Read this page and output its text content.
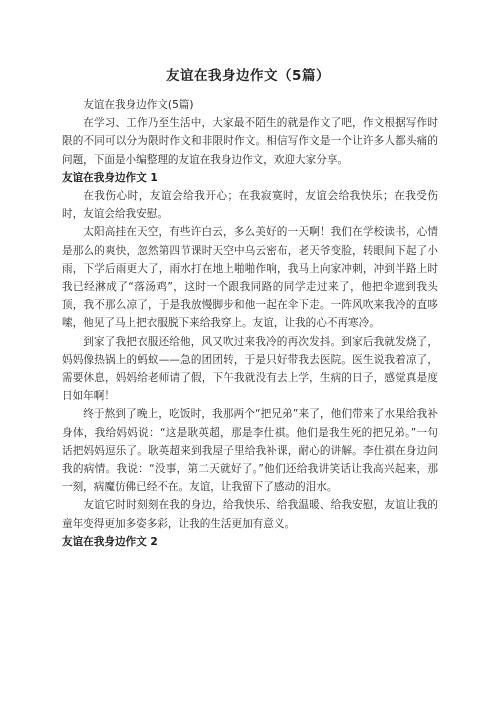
友谊在我身边作文（5篇）

友谊在我身边作文(5篇)

在学习、工作乃至生活中，大家最不陌生的就是作文了吧，作文根据写作时限的不同可以分为限时作文和非限时作文。相信写作文是一个让许多人都头痛的问题，下面是小编整理的友谊在我身边作文，欢迎大家分享。

友谊在我身边作文 1

在我伤心时，友谊会给我开心；在我寂寞时，友谊会给我快乐；在我受伤时，友谊会给我安慰。

太阳高挂在天空，有些许白云，多么美好的一天啊！我们在学校读书，心情是那么的爽快，忽然第四节课时天空中乌云密布，老天爷变脸，转眼间下起了小雨，下学后雨更大了，雨水打在地上啪啪作响，我马上向家冲刺，冲到半路上时我已经淋成了“落汤鸡”，这时一个跟我同路的同学走过来了，他把伞遮到我头顶，我不那么凉了，于是我放慢脚步和他一起在伞下走。一阵风吹来我冷的直哆嗦，他见了马上把衣服脱下来给我穿上。友谊，让我的心不再寒冷。

到家了我把衣服还给他，风又吹过来我冷的再次发抖。到家后我就发烧了，妈妈像热锅上的蚂蚁——急的团团转，于是只好带我去医院。医生说我着凉了，需要休息，妈妈给老师请了假，下午我就没有去上学，生病的日子，感觉真是度日如年啊！

终于熬到了晚上，吃饭时，我那两个“把兄弟”来了，他们带来了水果给我补身体，我给妈妈说：“这是耿英超，那是李仕祺。他们是我生死的把兄弟。”一句话把妈妈逗乐了。耿英超来到我屋子里给我补课，耐心的讲解。李仕祺在身边问我的病情。我说：“没事，第二天就好了。”他们还给我讲笑话让我高兴起来，那一刻，病魔仿佛已经不在。友谊，让我留下了感动的泪水。

友谊它时时刻刻在我的身边，给我快乐、给我温暖、给我安慰，友谊让我的童年变得更加多姿多彩，让我的生活更加有意义。

友谊在我身边作文 2
